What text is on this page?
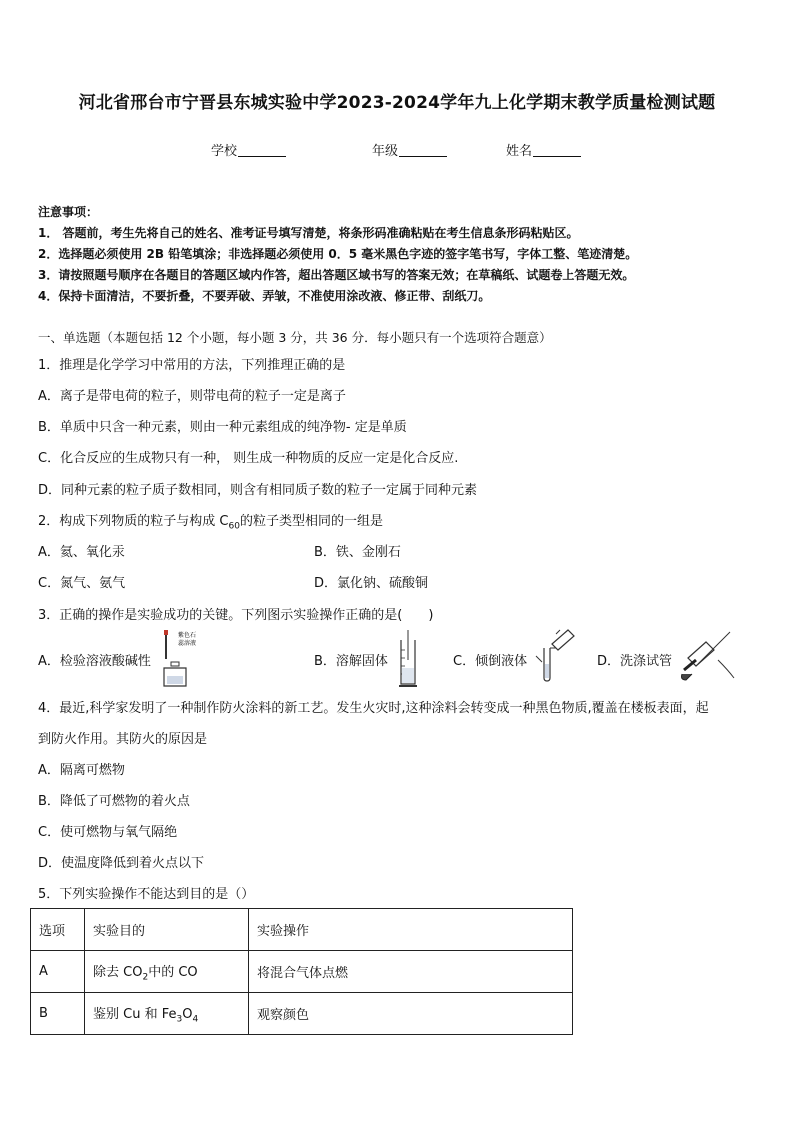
河北省邢台市宁晋县东城实验中学2023-2024学年九上化学期末教学质量检测试题
学校	年级	姓名
注意事项：
1． 答题前，考生先将自己的姓名、准考证号填写清楚，将条形码准确粘贴在考生信息条形码粘贴区。
2．选择题必须使用 2B 铅笔填涂；非选择题必须使用 0．5 毫米黑色字迹的签字笔书写，字体工整、笔迹清楚。
3．请按照题号顺序在各题目的答题区域内作答，超出答题区域书写的答案无效；在草稿纸、试题卷上答题无效。
4．保持卡面清洁，不要折叠，不要弄破、弄皱，不准使用涂改液、修正带、刮纸刀。
一、单选题（本题包括 12 个小题，每小题 3 分，共 36 分．每小题只有一个选项符合题意）
1．推理是化学学习中常用的方法，下列推理正确的是
A．离子是带电荷的粒子，则带电荷的粒子一定是离子
B．单质中只含一种元素，则由一种元素组成的纯净物- 定是单质
C．化合反应的生成物只有一种， 则生成一种物质的反应一定是化合反应.
D．同种元素的粒子质子数相同，则含有相同质子数的粒子一定属于同种元素
2．构成下列物质的粒子与构成 $C_{60}$的粒子类型相同的一组是
A．氦、氧化汞	B．铁、金刚石
C．氮气、氨气	D．氯化钠、硫酸铜
3．正确的操作是实验成功的关键。下列图示实验操作正确的是(　　)
A．检验溶液酸碱性
紫色石
蕊溶液
B．溶解固体	C．倾倒液体	D．洗涤试管
4．最近,科学家发明了一种制作防火涂料的新工艺。发生火灾时,这种涂料会转变成一种黑色物质,覆盖在楼板表面，起
到防火作用。其防火的原因是
A．隔离可燃物
B．降低了可燃物的着火点
C．使可燃物与氧气隔绝
D．使温度降低到着火点以下
5．下列实验操作不能达到目的是（）
选项	实验目的	实验操作
A	除去 $CO_2$中的 CO	将混合气体点燃
B	鉴别 Cu 和 $Fe_3O_4$	观察颜色
